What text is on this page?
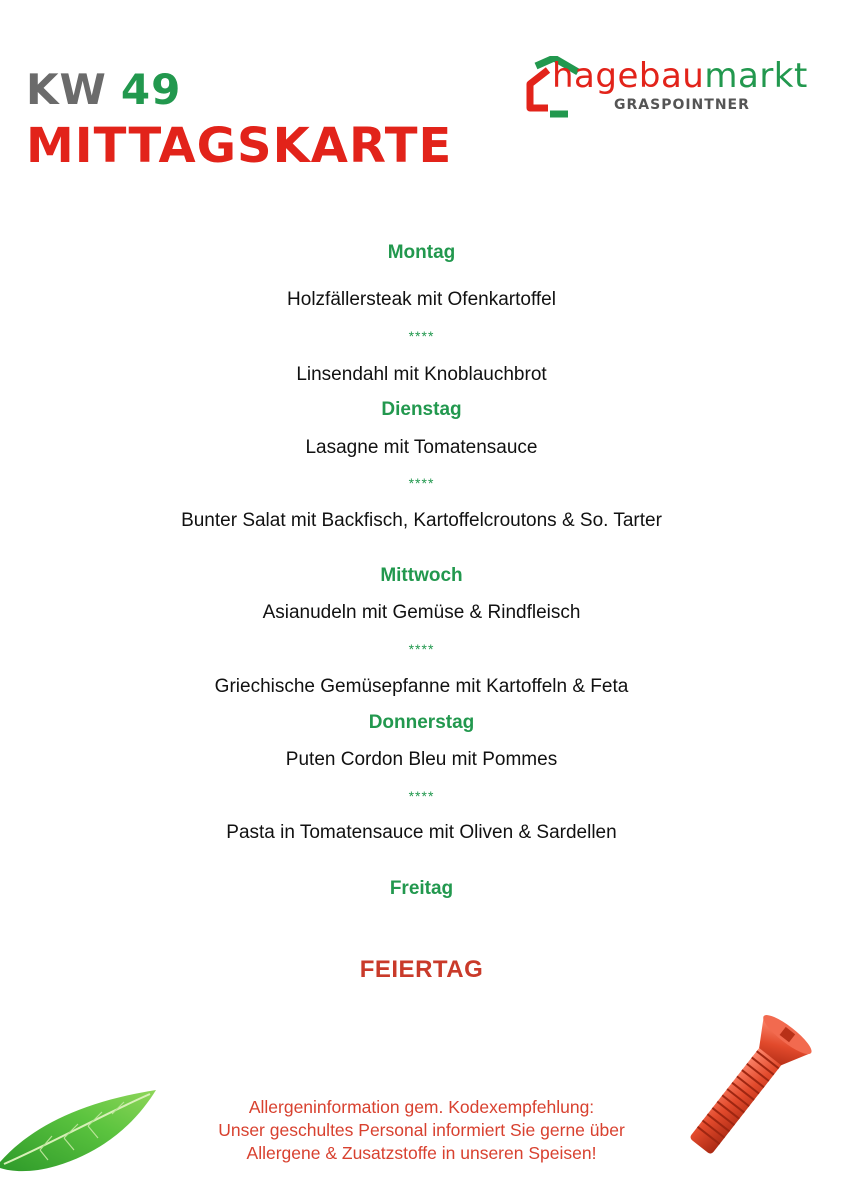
KW 49
MITTAGSKARTE
hagebaumarkt
GRASPOINTNER

Montag

Holzfällersteak mit Ofenkartoffel

****

Linsendahl mit Knoblauchbrot

Dienstag

Lasagne mit Tomatensauce

****

Bunter Salat mit Backfisch, Kartoffelcroutons & So. Tarter

Mittwoch

Asianudeln mit Gemüse & Rindfleisch

****

Griechische Gemüsepfanne mit Kartoffeln & Feta

Donnerstag

Puten Cordon Bleu mit Pommes

****

Pasta in Tomatensauce mit Oliven & Sardellen

Freitag

FEIERTAG

Allergeninformation gem. Kodexempfehlung:
Unser geschultes Personal informiert Sie gerne über
Allergene & Zusatzstoffe in unseren Speisen!
